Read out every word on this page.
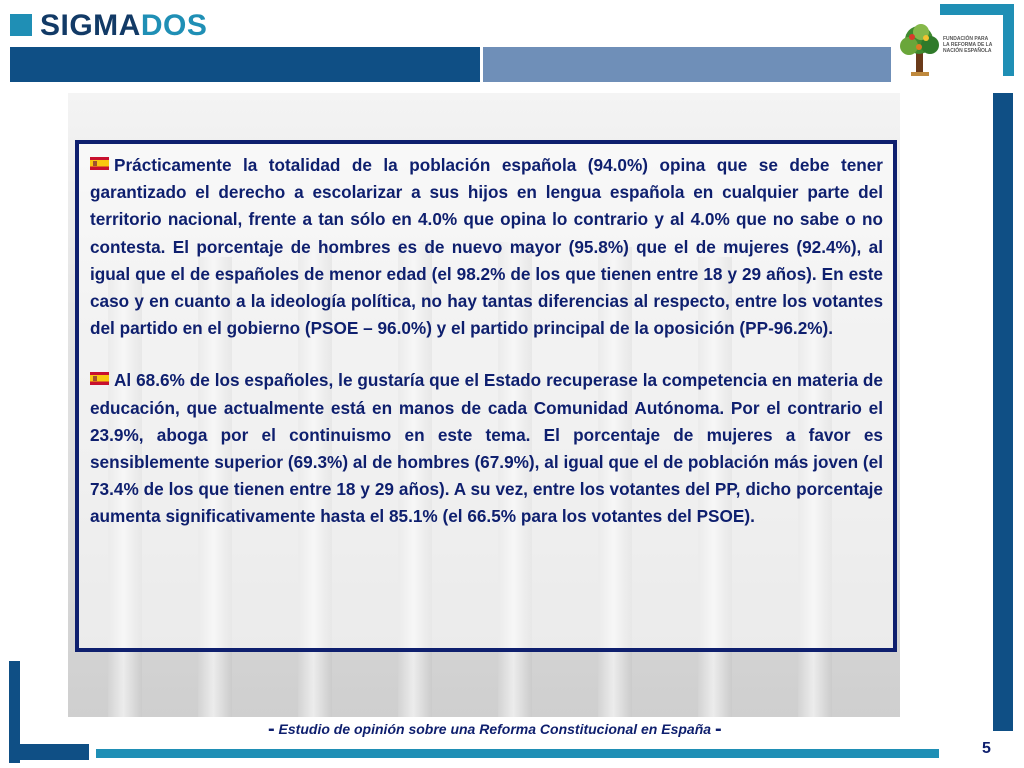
SIGMADOS	FUNDACIÓN PARA
LA REFORMA DE LA
NACIÓN ESPAÑOLA

Prácticamente la totalidad de la población española (94.0%) opina que se debe tener garantizado el derecho a escolarizar a sus hijos en lengua española en cualquier parte del territorio nacional, frente a tan sólo en 4.0% que opina lo contrario y al 4.0% que no sabe o no contesta. El porcentaje de hombres es de nuevo mayor (95.8%) que el de mujeres (92.4%), al igual que el de españoles de menor edad (el 98.2% de los que tienen entre 18 y 29 años). En este caso y en cuanto a la ideología política, no hay tantas diferencias al respecto, entre los votantes del partido en el gobierno (PSOE – 96.0%) y el partido principal de la oposición (PP-96.2%).

Al 68.6% de los españoles, le gustaría que el Estado recuperase la competencia en materia de educación, que actualmente está en manos de cada Comunidad Autónoma. Por el contrario el 23.9%, aboga por el continuismo en este tema. El porcentaje de mujeres a favor es sensiblemente superior (69.3%) al de hombres (67.9%), al igual que el de población más joven (el 73.4% de los que tienen entre 18 y 29 años). A su vez, entre los votantes del PP, dicho porcentaje aumenta significativamente hasta el 85.1% (el 66.5% para los votantes del PSOE).

- Estudio de opinión sobre una Reforma Constitucional en España -
5
